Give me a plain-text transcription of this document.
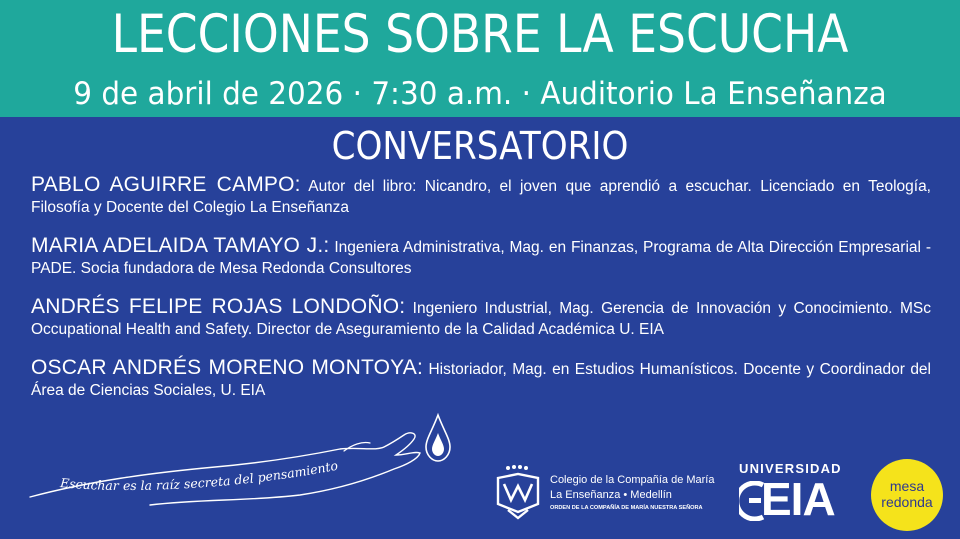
LECCIONES SOBRE LA ESCUCHA
9 de abril de 2026 · 7:30 a.m. · Auditorio La Enseñanza
CONVERSATORIO

PABLO AGUIRRE CAMPO: Autor del libro: Nicandro, el joven que aprendió a escuchar. Licenciado en Teología, Filosofía y Docente del Colegio La Enseñanza

MARIA ADELAIDA TAMAYO J.: Ingeniera Administrativa, Mag. en Finanzas, Programa de Alta Dirección Empresarial - PADE. Socia fundadora de Mesa Redonda Consultores

ANDRÉS FELIPE ROJAS LONDOÑO: Ingeniero Industrial, Mag. Gerencia de Innovación y Conocimiento. MSc Occupational Health and Safety. Director de Aseguramiento de la Calidad Académica U. EIA

OSCAR ANDRÉS MORENO MONTOYA: Historiador, Mag. en Estudios Humanísticos. Docente y Coordinador del Área de Ciencias Sociales, U. EIA

Escuchar es la raíz secreta del pensamiento
Colegio de la Compañía de María
La Enseñanza • Medellín
ORDEN DE LA COMPAÑÍA DE MARÍA NUESTRA SEÑORA
UNIVERSIDAD
EIA	mesa
redonda
